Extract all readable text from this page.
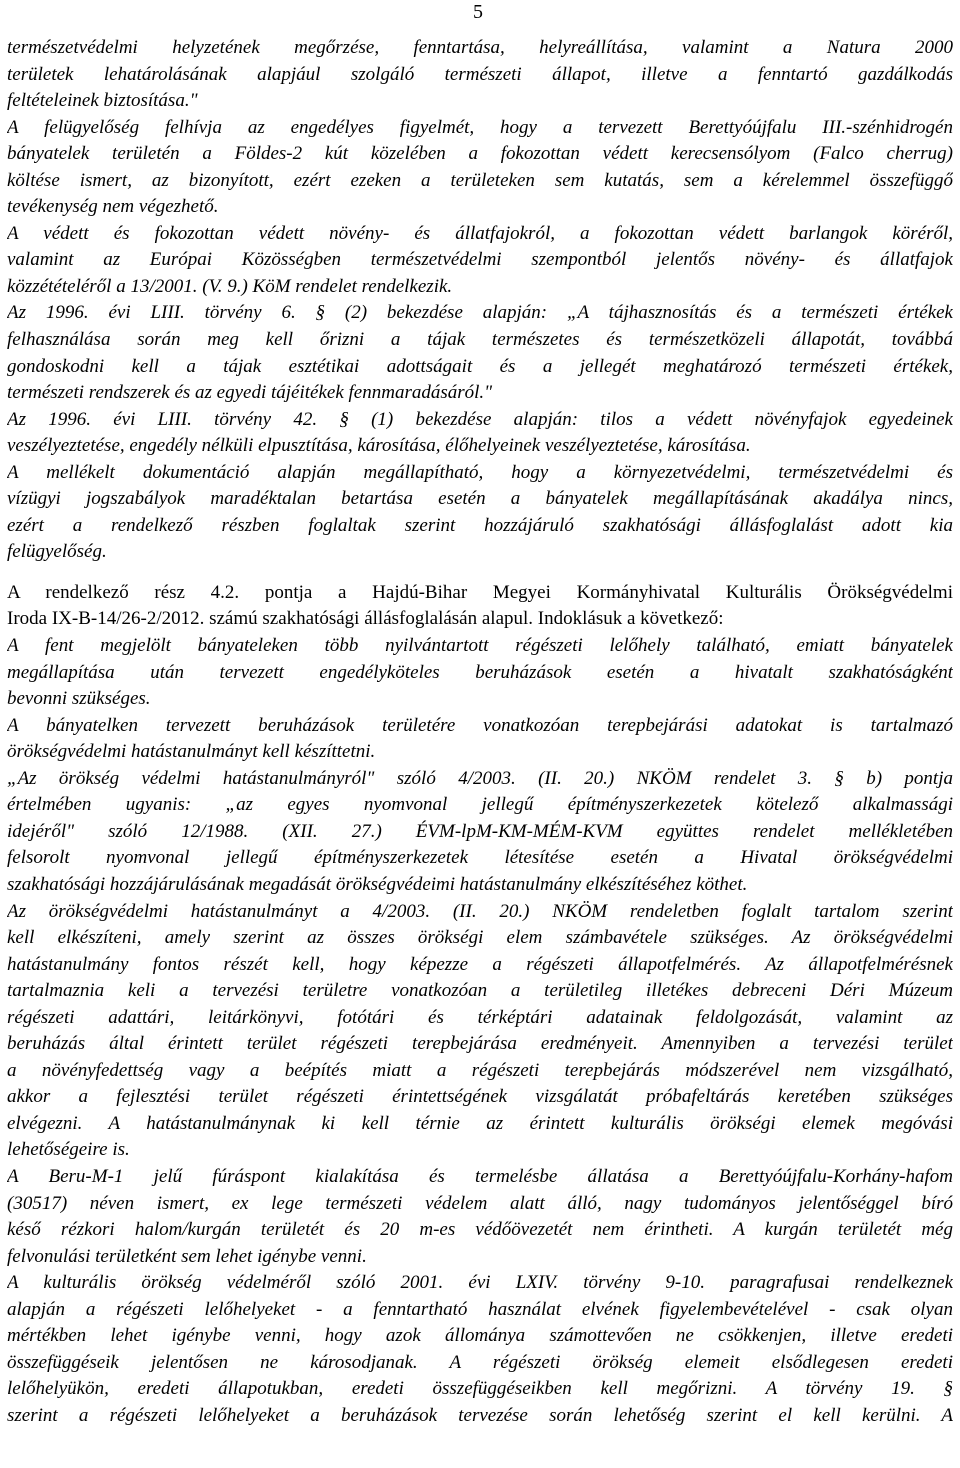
5
természetvédelmi helyzetének megőrzése, fenntartása, helyreállítása, valamint a Natura 2000
területek lehatárolásának alapjául szolgáló természeti állapot, illetve a fenntartó gazdálkodás
feltételeinek biztosítása."
A felügyelőség felhívja az engedélyes figyelmét, hogy a tervezett Berettyóújfalu III.-szénhidrogén
bányatelek területén a Földes-2 kút közelében a fokozottan védett kerecsensólyom (Falco cherrug)
költése ismert, az bizonyított, ezért ezeken a területeken sem kutatás, sem a kérelemmel összefüggő
tevékenység nem végezhető.
A védett és fokozottan védett növény- és állatfajokról, a fokozottan védett barlangok köréről,
valamint az Európai Közösségben természetvédelmi szempontból jelentős növény- és állatfajok
közzétételéről a 13/2001. (V. 9.) KöM rendelet rendelkezik.
Az 1996. évi LIII. törvény 6. § (2) bekezdése alapján: „A tájhasznosítás és a természeti értékek
felhasználása során meg kell őrizni a tájak természetes és természetközeli állapotát, továbbá
gondoskodni kell a tájak esztétikai adottságait és a jellegét meghatározó természeti értékek,
természeti rendszerek és az egyedi tájéitékek fennmaradásáról."
Az 1996. évi LIII. törvény 42. § (1) bekezdése alapján: tilos a védett növényfajok egyedeinek
veszélyeztetése, engedély nélküli elpusztítása, károsítása, élőhelyeinek veszélyeztetése, károsítása.
A mellékelt dokumentáció alapján megállapítható, hogy a környezetvédelmi, természetvédelmi és
vízügyi jogszabályok maradéktalan betartása esetén a bányatelek megállapításának akadálya nincs,
ezért a rendelkező részben foglaltak szerint hozzájáruló szakhatósági állásfoglalást adott kia
felügyelőség.
A rendelkező rész 4.2. pontja a Hajdú-Bihar Megyei Kormányhivatal Kulturális Örökségvédelmi
Iroda IX-B-14/26-2/2012. számú szakhatósági állásfoglalásán alapul. Indoklásuk a következő:
A fent megjelölt bányateleken több nyilvántartott régészeti lelőhely található, emiatt bányatelek
megállapítása után tervezett engedélyköteles beruházások esetén a hivatalt szakhatóságként
bevonni szükséges.
A bányatelken tervezett beruházások területére vonatkozóan terepbejárási adatokat is tartalmazó
örökségvédelmi hatástanulmányt kell készíttetni.
„Az örökség védelmi hatástanulmányról" szóló 4/2003. (II. 20.) NKÖM rendelet 3. § b) pontja
értelmében ugyanis: „az egyes nyomvonal jellegű építményszerkezetek kötelező alkalmassági
idejéről" szóló 12/1988. (XII. 27.) ÉVM-lpM-KM-MÉM-KVM együttes rendelet mellékletében
felsorolt nyomvonal jellegű építményszerkezetek létesítése esetén a Hivatal örökségvédelmi
szakhatósági hozzájárulásának megadását örökségvédeimi hatástanulmány elkészítéséhez köthet.
Az örökségvédelmi hatástanulmányt a 4/2003. (II. 20.) NKÖM rendeletben foglalt tartalom szerint
kell elkészíteni, amely szerint az összes örökségi elem számbavétele szükséges. Az örökségvédelmi
hatástanulmány fontos részét kell, hogy képezze a régészeti állapotfelmérés. Az állapotfelmérésnek
tartalmaznia keli a tervezési területre vonatkozóan a területileg illetékes debreceni Déri Múzeum
régészeti adattári, leitárkönyvi, fotótári és térképtári adatainak feldolgozását, valamint az
beruházás által érintett terület régészeti terepbejárása eredményeit. Amennyiben a tervezési terület
a növényfedettség vagy a beépítés miatt a régészeti terepbejárás módszerével nem vizsgálható,
akkor a fejlesztési terület régészeti érintettségének vizsgálatát próbafeltárás keretében szükséges
elvégezni. A hatástanulmánynak ki kell térnie az érintett kulturális örökségi elemek megóvási
lehetőségeire is.
A Beru-M-1 jelű fúráspont kialakítása és termelésbe állatása a Berettyóújfalu-Korhány-hafom
(30517) néven ismert, ex lege természeti védelem alatt álló, nagy tudományos jelentőséggel bíró
késő rézkori halom/kurgán területét és 20 m-es védőövezetét nem érintheti. A kurgán területét még
felvonulási területként sem lehet igénybe venni.
A kulturális örökség védelméről szóló 2001. évi LXIV. törvény 9-10. paragrafusai rendelkeznek
alapján a régészeti lelőhelyeket - a fenntartható használat elvének figyelembevételével - csak olyan
mértékben lehet igénybe venni, hogy azok állománya számottevően ne csökkenjen, illetve eredeti
összefüggéseik jelentősen ne károsodjanak. A régészeti örökség elemeit elsődlegesen eredeti
lelőhelyükön, eredeti állapotukban, eredeti összefüggéseikben kell megőrizni. A törvény 19. §
szerint a régészeti lelőhelyeket a beruházások tervezése során lehetőség szerint el kell kerülni. A
